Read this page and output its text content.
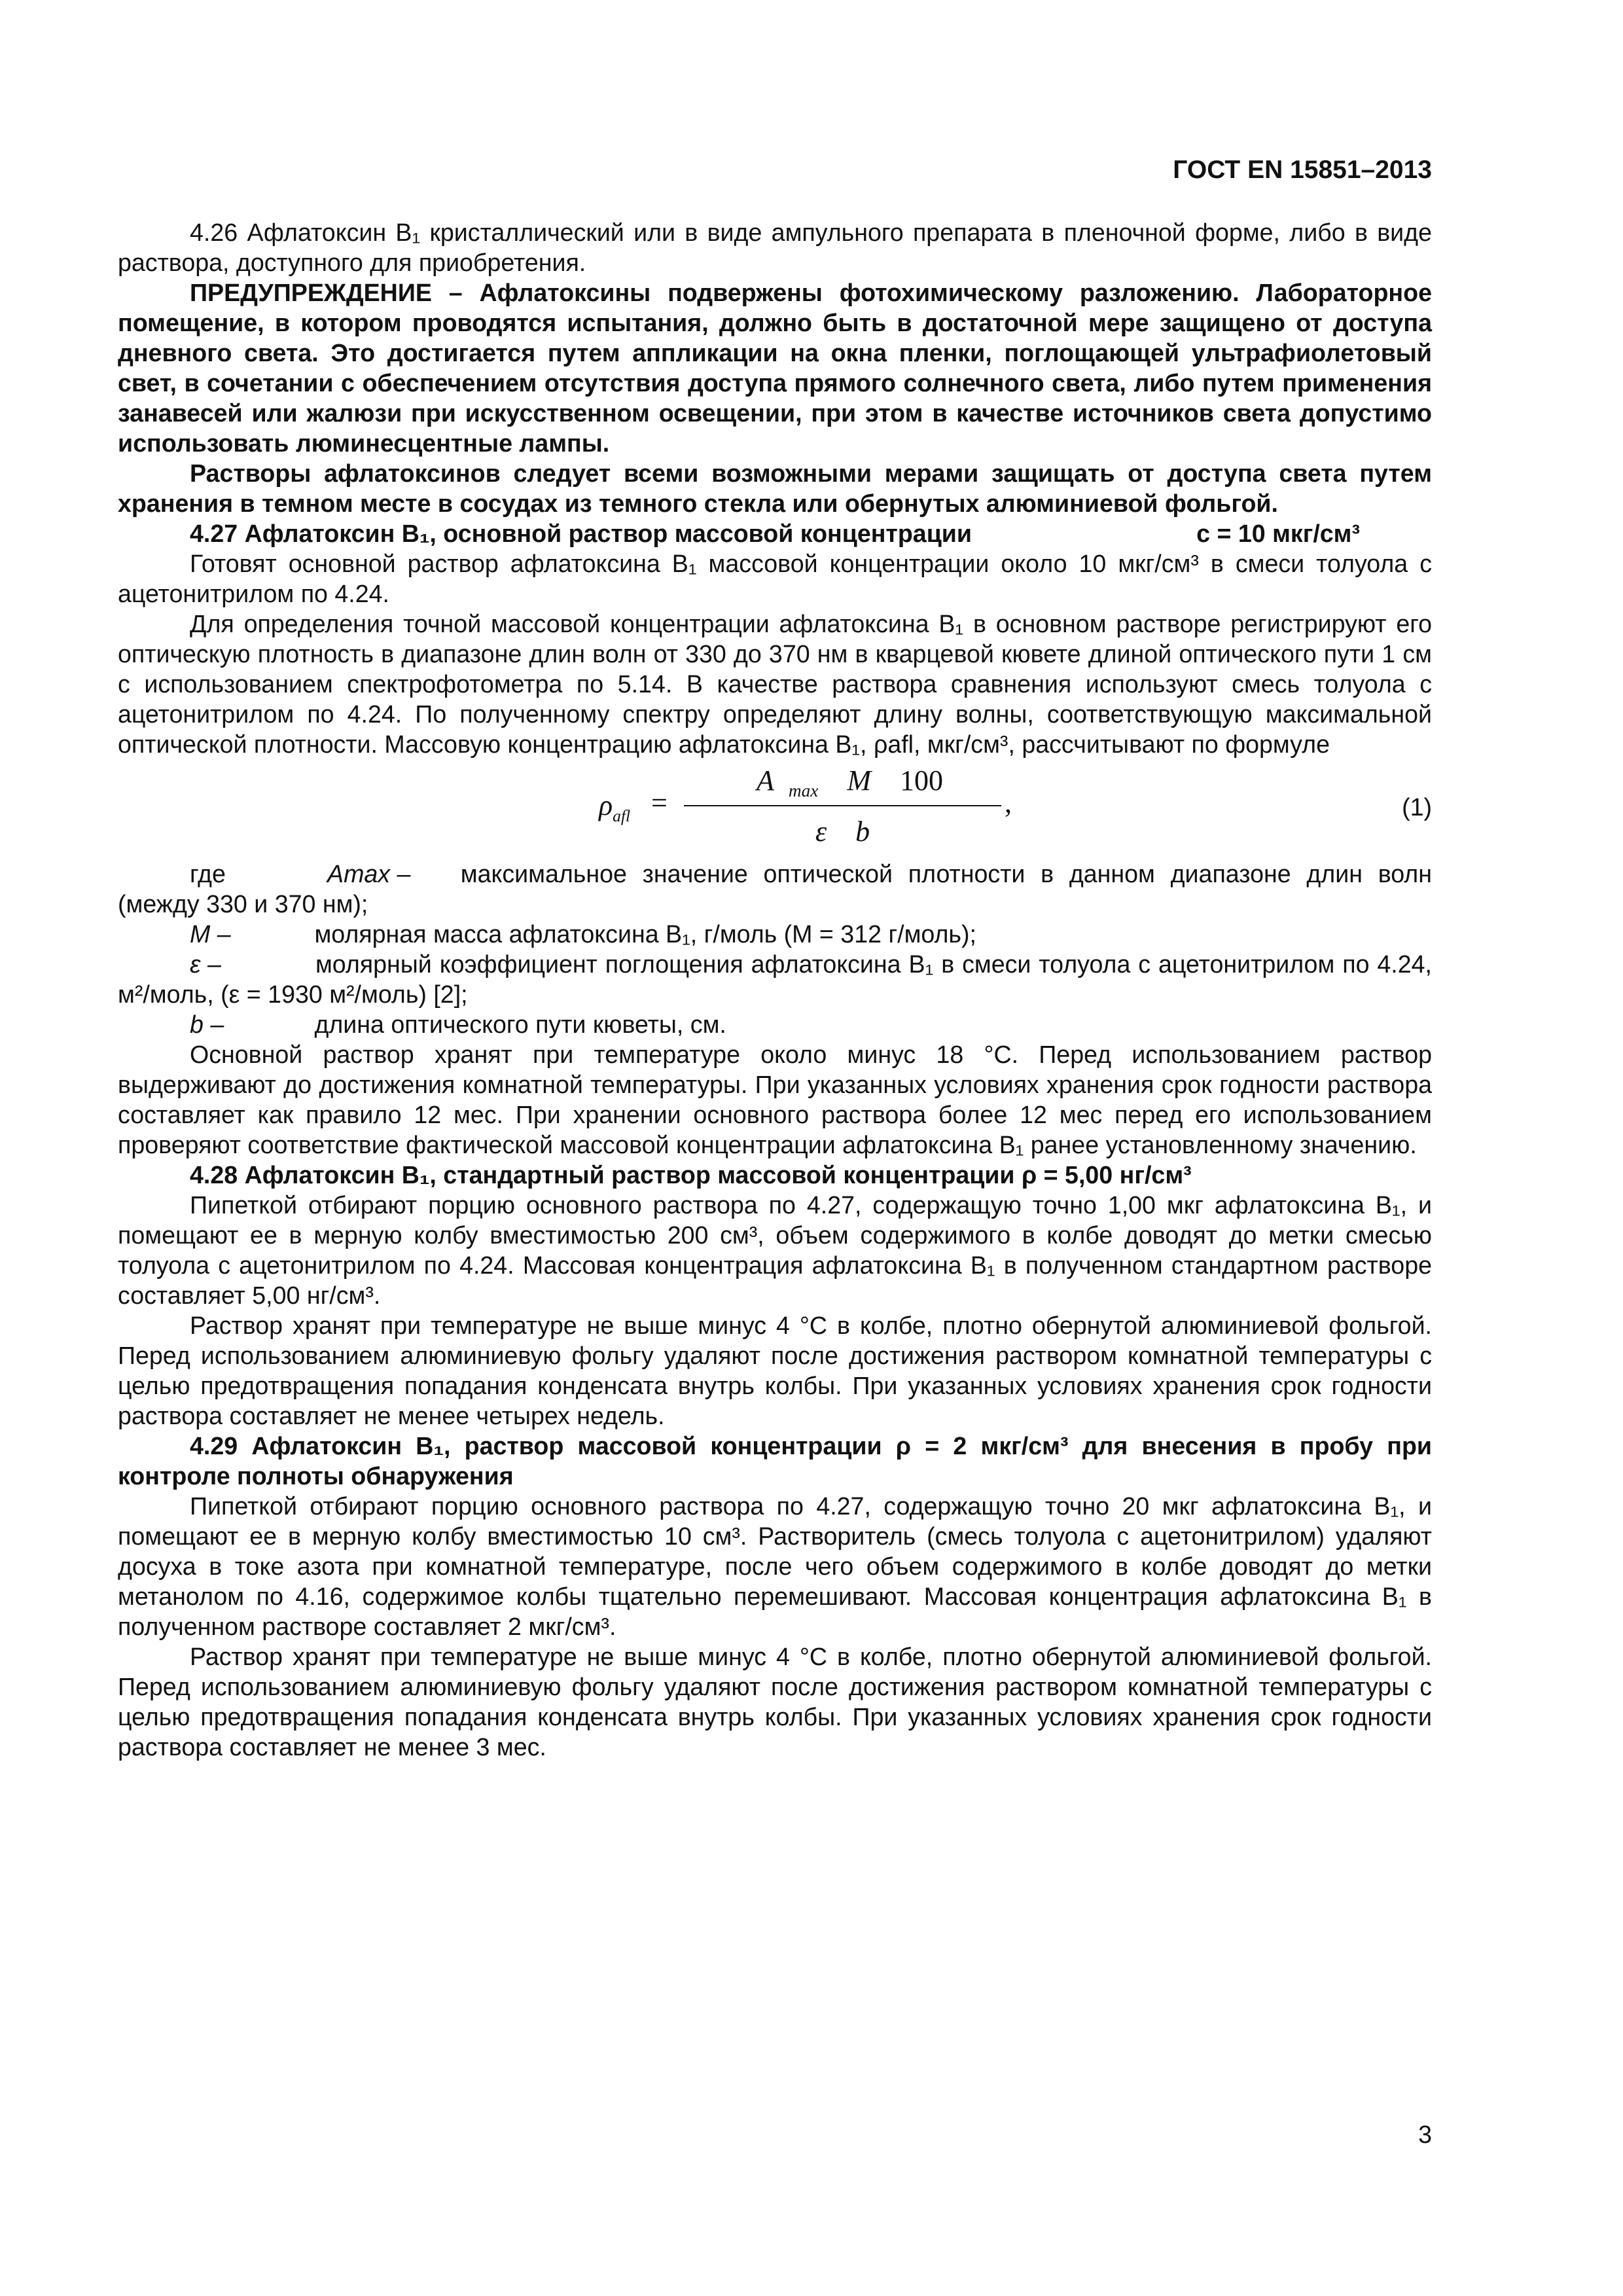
ГОСТ EN 15851–2013

4.26 Афлатоксин B₁ кристаллический или в виде ампульного препарата в пленочной форме, либо в виде раствора, доступного для приобретения.

ПРЕДУПРЕЖДЕНИЕ – Афлатоксины подвержены фотохимическому разложению. Лабораторное помещение, в котором проводятся испытания, должно быть в достаточной мере защищено от доступа дневного света. Это достигается путем аппликации на окна пленки, поглощающей ультрафиолетовый свет, в сочетании с обеспечением отсутствия доступа прямого солнечного света, либо путем применения занавесей или жалюзи при искусственном освещении, при этом в качестве источников света допустимо использовать люминесцентные лампы.

Растворы афлатоксинов следует всеми возможными мерами защищать от доступа света путем хранения в темном месте в сосудах из темного стекла или обернутых алюминиевой фольгой.

4.27 Афлатоксин B₁, основной раствор массовой концентрации	c = 10 мкг/см³

Готовят основной раствор афлатоксина B₁ массовой концентрации около 10 мкг/см³ в смеси толуола с ацетонитрилом по 4.24.

Для определения точной массовой концентрации афлатоксина B₁ в основном растворе регистрируют его оптическую плотность в диапазоне длин волн от 330 до 370 нм в кварцевой кювете длиной оптического пути 1 см с использованием спектрофотометра по 5.14. В качестве раствора сравнения используют смесь толуола с ацетонитрилом по 4.24. По полученному спектру определяют длину волны, соответствующую максимальной оптической плотности. Массовую концентрацию афлатоксина B₁, ρafl, мкг/см³, рассчитывают по формуле

$\rho_{afl}$ =
A $_{max}$ M 100
ε b
,	(1)

где	Amax – максимальное значение оптической плотности в данном диапазоне длин волн (между 330 и 370 нм);

M –	молярная масса афлатоксина B₁, г/моль (M = 312 г/моль);

ε –	молярный коэффициент поглощения афлатоксина B₁ в смеси толуола с ацетонитрилом по 4.24, м²/моль, (ε = 1930 м²/моль) [2];

b –	длина оптического пути кюветы, см.

Основной раствор хранят при температуре около минус 18 °С. Перед использованием раствор выдерживают до достижения комнатной температуры. При указанных условиях хранения срок годности раствора составляет как правило 12 мес. При хранении основного раствора более 12 мес перед его использованием проверяют соответствие фактической массовой концентрации афлатоксина B₁ ранее установленному значению.

4.28 Афлатоксин B₁, стандартный раствор массовой концентрации ρ = 5,00 нг/см³

Пипеткой отбирают порцию основного раствора по 4.27, содержащую точно 1,00 мкг афлатоксина B₁, и помещают ее в мерную колбу вместимостью 200 см³, объем содержимого в колбе доводят до метки смесью толуола с ацетонитрилом по 4.24. Массовая концентрация афлатоксина B₁ в полученном стандартном растворе составляет 5,00 нг/см³.

Раствор хранят при температуре не выше минус 4 °С в колбе, плотно обернутой алюминиевой фольгой. Перед использованием алюминиевую фольгу удаляют после достижения раствором комнатной температуры с целью предотвращения попадания конденсата внутрь колбы. При указанных условиях хранения срок годности раствора составляет не менее четырех недель.

4.29 Афлатоксин B₁, раствор массовой концентрации ρ = 2 мкг/см³ для внесения в пробу при контроле полноты обнаружения

Пипеткой отбирают порцию основного раствора по 4.27, содержащую точно 20 мкг афлатоксина B₁, и помещают ее в мерную колбу вместимостью 10 см³. Растворитель (смесь толуола с ацетонитрилом) удаляют досуха в токе азота при комнатной температуре, после чего объем содержимого в колбе доводят до метки метанолом по 4.16, содержимое колбы тщательно перемешивают. Массовая концентрация афлатоксина B₁ в полученном растворе составляет 2 мкг/см³.

Раствор хранят при температуре не выше минус 4 °С в колбе, плотно обернутой алюминиевой фольгой. Перед использованием алюминиевую фольгу удаляют после достижения раствором комнатной температуры с целью предотвращения попадания конденсата внутрь колбы. При указанных условиях хранения срок годности раствора составляет не менее 3 мес.

3
